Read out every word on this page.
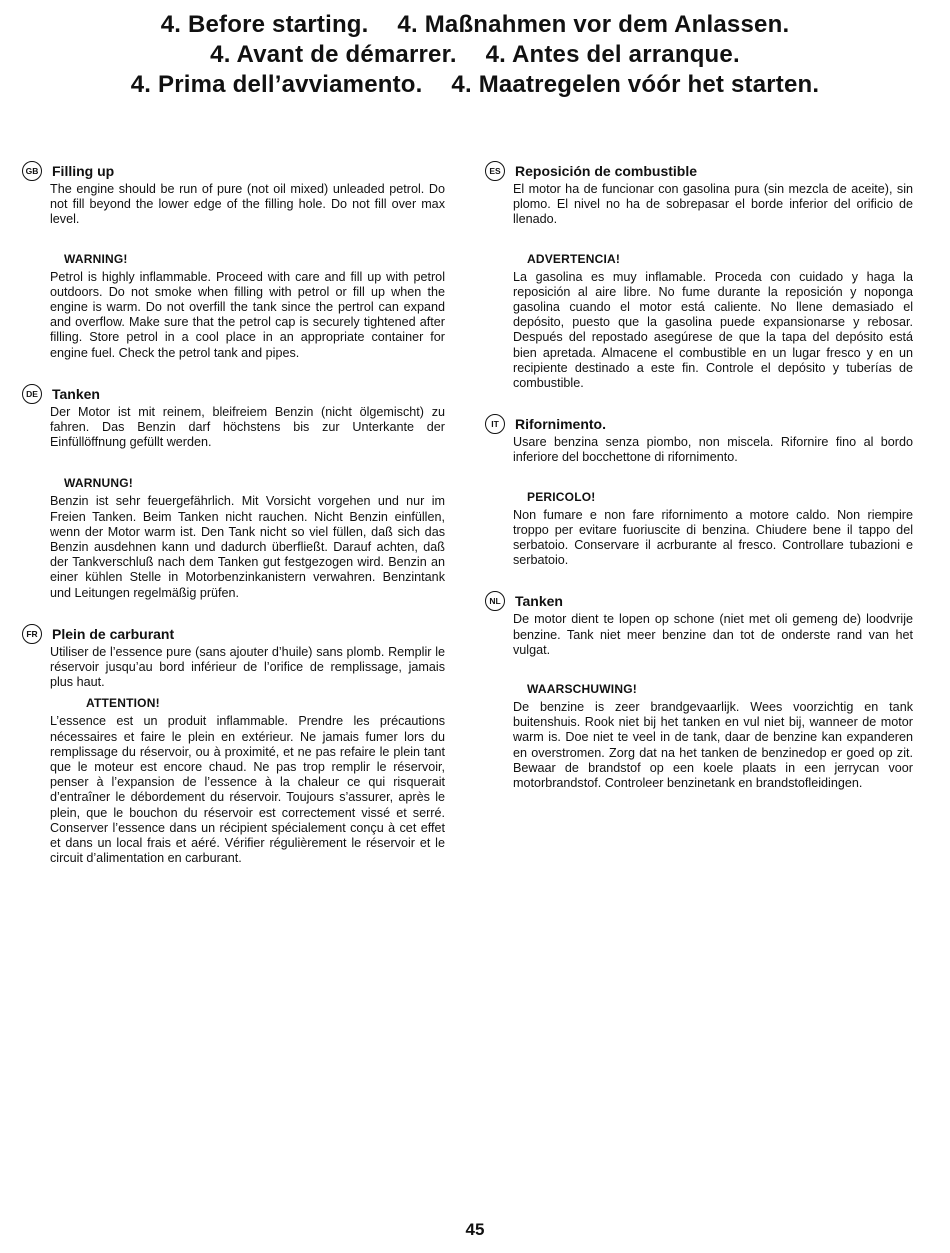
4. Before starting. 4. Maßnahmen vor dem Anlassen.
4. Avant de démarrer. 4. Antes del arranque.
4. Prima dell’avviamento. 4. Maatregelen vóór het starten.
GB Filling up

The engine should be run of pure (not oil mixed) unleaded petrol. Do not fill beyond the lower edge of the filling hole. Do not fill over max level.

WARNING!

Petrol is highly inflammable. Proceed with care and fill up with petrol outdoors. Do not smoke when filling with petrol or fill up when the engine is warm. Do not overfill the tank since the pertrol can expand and overflow. Make sure that the petrol cap is securely tightened after filling. Store petrol in a cool place in an appropriate container for engine fuel. Check the petrol tank and pipes.

DE Tanken

Der Motor ist mit reinem, bleifreiem Benzin (nicht ölgemischt) zu fahren. Das Benzin darf höchstens bis zur Unterkante der Einfüllöffnung gefüllt werden.

WARNUNG!

Benzin ist sehr feuergefährlich. Mit Vorsicht vorgehen und nur im Freien Tanken. Beim Tanken nicht rauchen. Nicht Benzin einfüllen, wenn der Motor warm ist. Den Tank nicht so viel füllen, daß sich das Benzin ausdehnen kann und dadurch überfließt. Darauf achten, daß der Tankverschluß nach dem Tanken gut festgezogen wird. Benzin an einer kühlen Stelle in Motorbenzinkanistern verwahren. Benzintank und Leitungen regelmäßig prüfen.

FR	Plein de carburant

Utiliser de l’essence pure (sans ajouter d’huile) sans plomb. Remplir le réservoir jusqu’au bord inférieur de l’orifice de remplissage, jamais plus haut.

ATTENTION!

L’essence est un produit inflammable. Prendre les précautions nécessaires et faire le plein en extérieur. Ne jamais fumer lors du remplissage du réservoir, ou à proximité, et ne pas refaire le plein tant que le moteur est encore chaud. Ne pas trop remplir le réservoir, penser à l’expansion de l’essence à la chaleur ce qui risquerait d’entraîner le débordement du réservoir. Toujours s’assurer, après le plein, que le bouchon du réservoir est correctement vissé et serré. Conserver l’essence dans un récipient spécialement conçu à cet effet et dans un local frais et aéré. Vérifier régulièrement le réservoir et le circuit d’alimentation en carburant.

ES	Reposición de combustible

El motor ha de funcionar con gasolina pura (sin mezcla de aceite), sin plomo. El nivel no ha de sobrepasar el borde inferior del orificio de llenado.

ADVERTENCIA!

La gasolina es muy inflamable. Proceda con cuidado y haga la reposición al aire libre. No fume durante la reposición y noponga gasolina cuando el motor está caliente. No llene demasiado el depósito, puesto que la gasolina puede expansionarse y rebosar. Después del repostado asegúrese de que la tapa del depósito está bien apretada. Almacene el combustible en un lugar fresco y en un recipiente destinado a este fin. Controle el depósito y tuberías de combustible.

IT	Rifornimento.

Usare benzina senza piombo, non miscela. Rifornire fino al bordo inferiore del bocchettone di rifornimento.

PERICOLO!

Non fumare e non fare rifornimento a motore caldo. Non riempire troppo per evitare fuoriuscite di benzina. Chiudere bene il tappo del serbatoio. Conservare il acrburante al fresco. Controllare tubazioni e serbatoio.

NL	Tanken

De motor dient te lopen op schone (niet met oli gemeng de) loodvrije benzine. Tank niet meer benzine dan tot de onderste rand van het vulgat.

WAARSCHUWING!

De benzine is zeer brandgevaarlijk. Wees voorzichtig en tank buitenshuis. Rook niet bij het tanken en vul niet bij, wanneer de motor warm is. Doe niet te veel in de tank, daar de benzine kan expanderen en overstromen. Zorg dat na het tanken de benzinedop er goed op zit. Bewaar de brandstof op een koele plaats in een jerrycan voor motorbrandstof. Controleer benzinetank en brandstofleidingen.

45
